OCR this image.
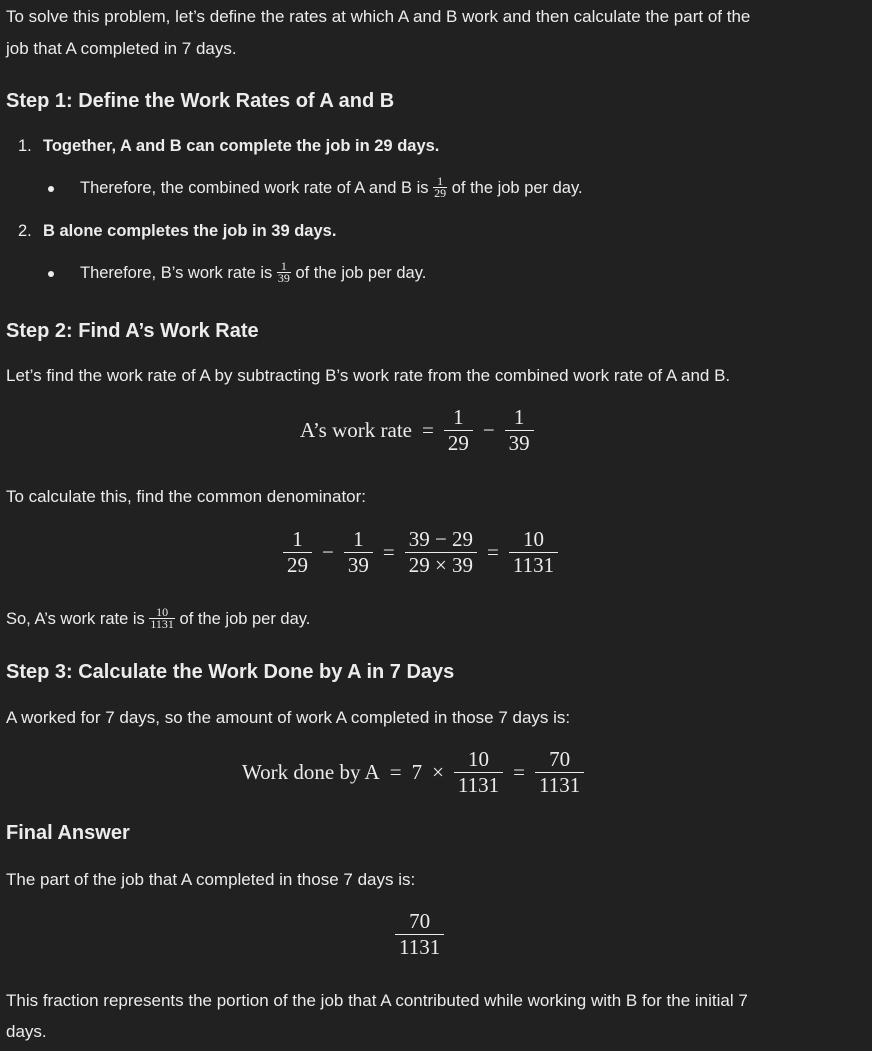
To solve this problem, let’s define the rates at which A and B work and then calculate the part of the
job that A completed in 7 days.
Step 1: Define the Work Rates of A and B
1. Together, A and B can complete the job in 29 days.
Therefore, the combined work rate of A and B is $\frac{1}{29}$ of the job per day.
2. B alone completes the job in 39 days.
Therefore, B’s work rate is $\frac{1}{39}$ of the job per day.
Step 2: Find A’s Work Rate
Let’s find the work rate of A by subtracting B’s work rate from the combined work rate of A and B.
A’s work rate = $\frac{1}{29} - \frac{1}{39}$
To calculate this, find the common denominator:
$\frac{1}{29} - \frac{1}{39} = \frac{39 - 29}{29 \times 39} = \frac{10}{1131}$
So, A’s work rate is $\frac{10}{1131}$ of the job per day.
Step 3: Calculate the Work Done by A in 7 Days
A worked for 7 days, so the amount of work A completed in those 7 days is:
Work done by $A = 7 \times \frac{10}{1131} = \frac{70}{1131}$
Final Answer
The part of the job that A completed in those 7 days is:
$\frac{70}{1131}$
This fraction represents the portion of the job that A contributed while working with B for the initial 7
days.
